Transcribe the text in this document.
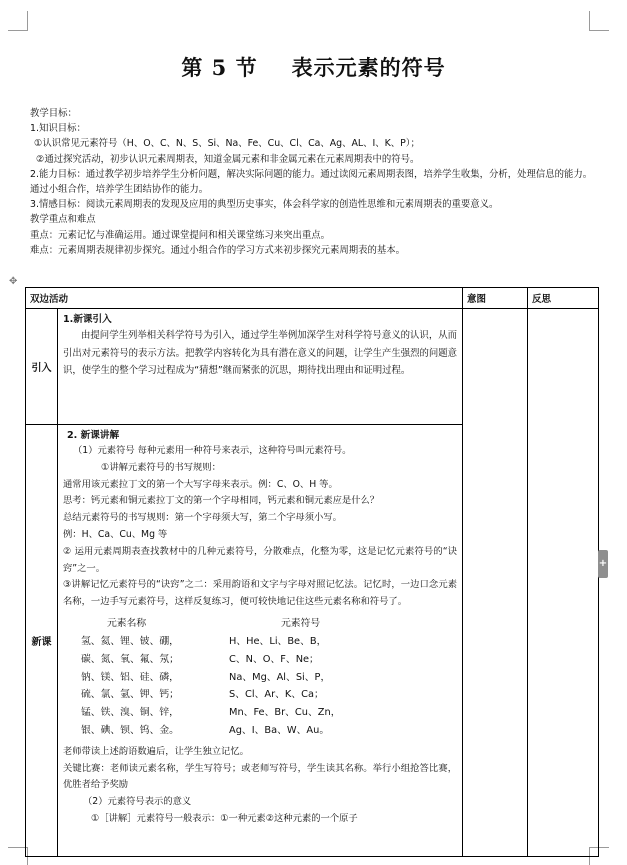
第 5 节 表示元素的符号
教学目标：
1.知识目标：
①认识常见元素符号（H、O、C、N、S、Si、Na、Fe、Cu、Cl、Ca、Ag、AL、I、K、P）；
②通过探究活动，初步认识元素周期表，知道金属元素和非金属元素在元素周期表中的符号。
2.能力目标：通过教学初步培养学生分析问题，解决实际问题的能力。通过读阅元素周期表图，培养学生收集，分析，处理信息的能力。通过小组合作，培养学生团结协作的能力。
3.情感目标：阅读元素周期表的发现及应用的典型历史事实，体会科学家的创造性思维和元素周期表的重要意义。
教学重点和难点
重点：元素记忆与准确运用。通过课堂提问和相关课堂练习来突出重点。
难点：元素周期表规律初步探究。通过小组合作的学习方式来初步探究元素周期表的基本。
✥
双边活动	意图	反思
引入	
1.新课引入
由提问学生列举相关科学符号为引入，通过学生举例加深学生对科学符号意义的认识，从而引出对元素符号的表示方法。把教学内容转化为具有潜在意义的问题，让学生产生强烈的问题意识，使学生的整个学习过程成为“猜想”继而紧张的沉思，期待找出理由和证明过程。

新课	
2. 新课讲解
（1）元素符号 每种元素用一种符号来表示，这种符号叫元素符号。
①讲解元素符号的书写规则：
通常用该元素拉丁文的第一个大写字母来表示。例：C、O、H 等。
思考：钙元素和铜元素拉丁文的第一个字母相同，钙元素和铜元素应是什么？
总结元素符号的书写规则：第一个字母须大写，第二个字母须小写。
例：H、Ca、Cu、Mg 等
② 运用元素周期表查找教材中的几种元素符号，分散难点，化整为零，这是记忆元素符号的“诀窍”之一。
③讲解记忆元素符号的“诀窍”之二：采用韵语和文字与字母对照记忆法。记忆时，一边口念元素名称，一边手写元素符号，这样反复练习，便可较快地记住这些元素名称和符号了。
元素名称	元素符号
氢、氦、锂、铍、硼，	H、He、Li、Be、B，
碳、氮、氧、氟、氖；	C、N、O、F、Ne；
钠、镁、铝、硅、磷，	Na、Mg、Al、Si、P，
硫、氯、氩、钾、钙；	S、Cl、Ar、K、Ca；
锰、铁、溴、铜、锌，	Mn、Fe、Br、Cu、Zn，
银、碘、钡、钨、金。	Ag、I、Ba、W、Au。
老师带读上述韵语数遍后，让学生独立记忆。
关键比赛：老师读元素名称，学生写符号；或老师写符号，学生读其名称。举行小组抢答比赛，优胜者给予奖励
（2）元素符号表示的意义
①［讲解］元素符号一般表示：①一种元素②这种元素的一个原子
+
